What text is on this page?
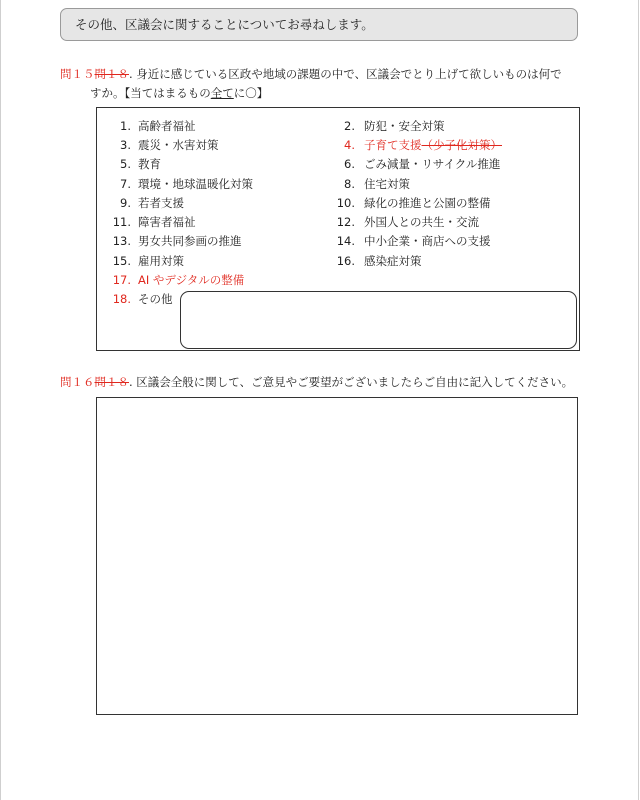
その他、区議会に関することについてお尋ねします。
問１５問１８. 身近に感じている区政や地域の課題の中で、区議会でとり上げて欲しいものは何で
すか。【当てはまるもの全てに〇】
1. 高齢者福祉
3. 震災・水害対策
5. 教育
7. 環境・地球温暖化対策
9. 若者支援
11. 障害者福祉
13. 男女共同参画の推進
15. 雇用対策
17. AI やデジタルの整備
18. その他
2. 防犯・安全対策
4. 子育て支援（少子化対策）
6. ごみ減量・リサイクル推進
8. 住宅対策
10. 緑化の推進と公園の整備
12. 外国人との共生・交流
14. 中小企業・商店への支援
16. 感染症対策
問１６問１８. 区議会全般に関して、ご意見やご要望がございましたらご自由に記入してください。
